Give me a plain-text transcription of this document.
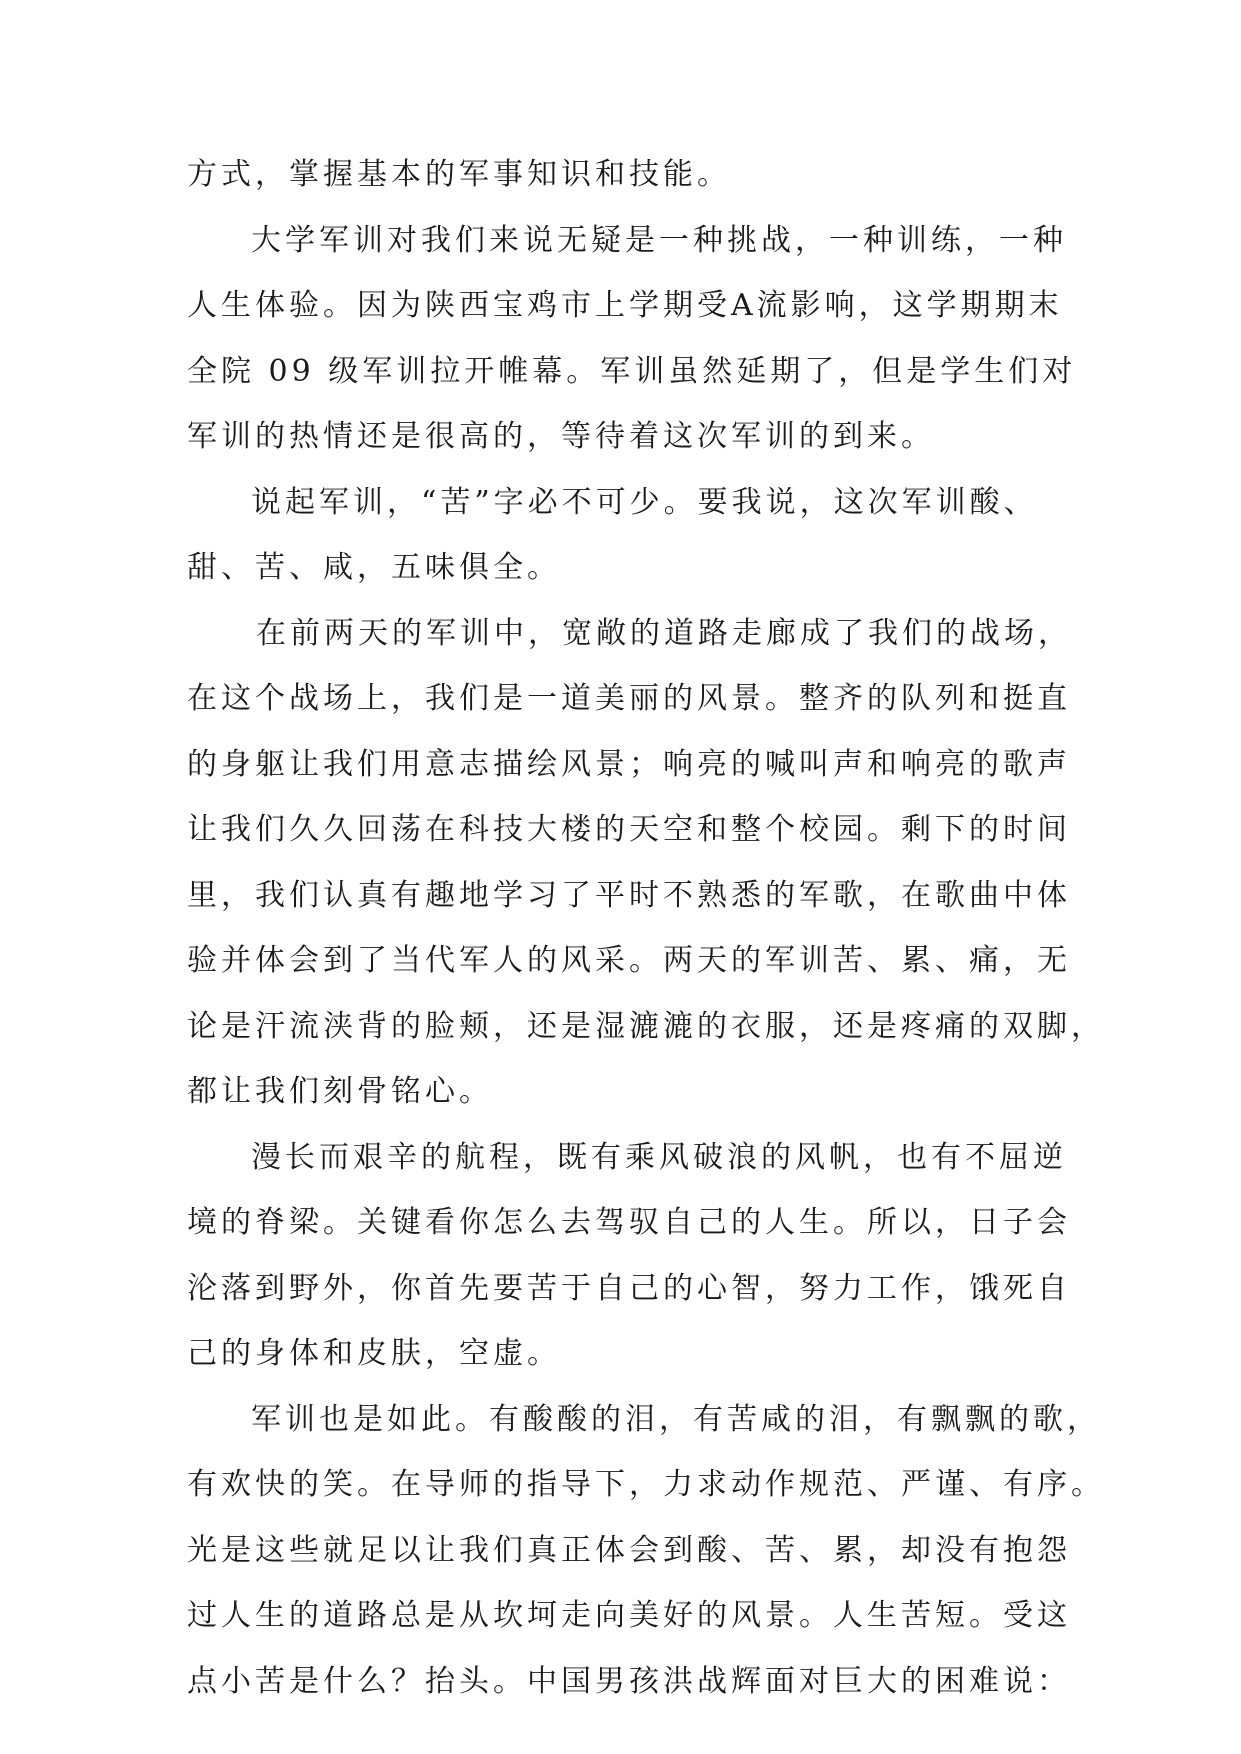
方式，掌握基本的军事知识和技能。
大学军训对我们来说无疑是一种挑战，一种训练，一种
人生体验。因为陕西宝鸡市上学期受A流影响，这学期期末
全院 09 级军训拉开帷幕。军训虽然延期了，但是学生们对
军训的热情还是很高的，等待着这次军训的到来。
说起军训，“苦”字必不可少。要我说，这次军训酸、
甜、苦、咸，五味俱全。
在前两天的军训中，宽敞的道路走廊成了我们的战场，
在这个战场上，我们是一道美丽的风景。整齐的队列和挺直
的身躯让我们用意志描绘风景；响亮的喊叫声和响亮的歌声
让我们久久回荡在科技大楼的天空和整个校园。剩下的时间
里，我们认真有趣地学习了平时不熟悉的军歌，在歌曲中体
验并体会到了当代军人的风采。两天的军训苦、累、痛，无
论是汗流浃背的脸颊，还是湿漉漉的衣服，还是疼痛的双脚，
都让我们刻骨铭心。
漫长而艰辛的航程，既有乘风破浪的风帆，也有不屈逆
境的脊梁。关键看你怎么去驾驭自己的人生。所以，日子会
沦落到野外，你首先要苦于自己的心智，努力工作，饿死自
己的身体和皮肤，空虚。
军训也是如此。有酸酸的泪，有苦咸的泪，有飘飘的歌，
有欢快的笑。在导师的指导下，力求动作规范、严谨、有序。
光是这些就足以让我们真正体会到酸、苦、累，却没有抱怨
过人生的道路总是从坎坷走向美好的风景。人生苦短。受这
点小苦是什么？抬头。中国男孩洪战辉面对巨大的困难说：
